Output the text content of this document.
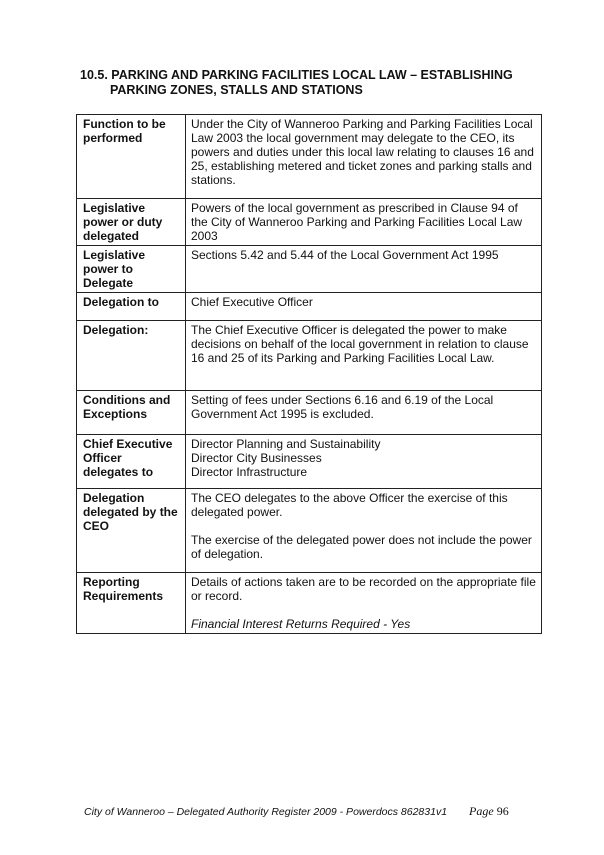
10.5. PARKING AND PARKING FACILITIES LOCAL LAW – ESTABLISHING
PARKING ZONES, STALLS AND STATIONS
Function to be performed	Under the City of Wanneroo Parking and Parking Facilities Local Law 2003 the local government may delegate to the CEO, its powers and duties under this local law relating to clauses 16 and 25, establishing metered and ticket zones and parking stalls and stations.

Legislative power or duty delegated	Powers of the local government as prescribed in Clause 94 of the City of Wanneroo Parking and Parking Facilities Local Law 2003

Legislative power to Delegate	Sections 5.42 and 5.44 of the Local Government Act 1995

Delegation to	Chief Executive Officer

Delegation:	The Chief Executive Officer is delegated the power to make decisions on behalf of the local government in relation to clause 16 and 25 of its Parking and Parking Facilities Local Law.

Conditions and Exceptions	Setting of fees under Sections 6.16 and 6.19 of the Local Government Act 1995 is excluded.

Chief Executive Officer delegates to	Director Planning and Sustainability
Director City Businesses
Director Infrastructure

Delegation delegated by the CEO	The CEO delegates to the above Officer the exercise of this delegated power.

The exercise of the delegated power does not include the power of delegation.

Reporting Requirements	Details of actions taken are to be recorded on the appropriate file or record.

Financial Interest Returns Required - Yes

City of Wanneroo – Delegated Authority Register 2009 - Powerdocs 862831v1 Page 96
